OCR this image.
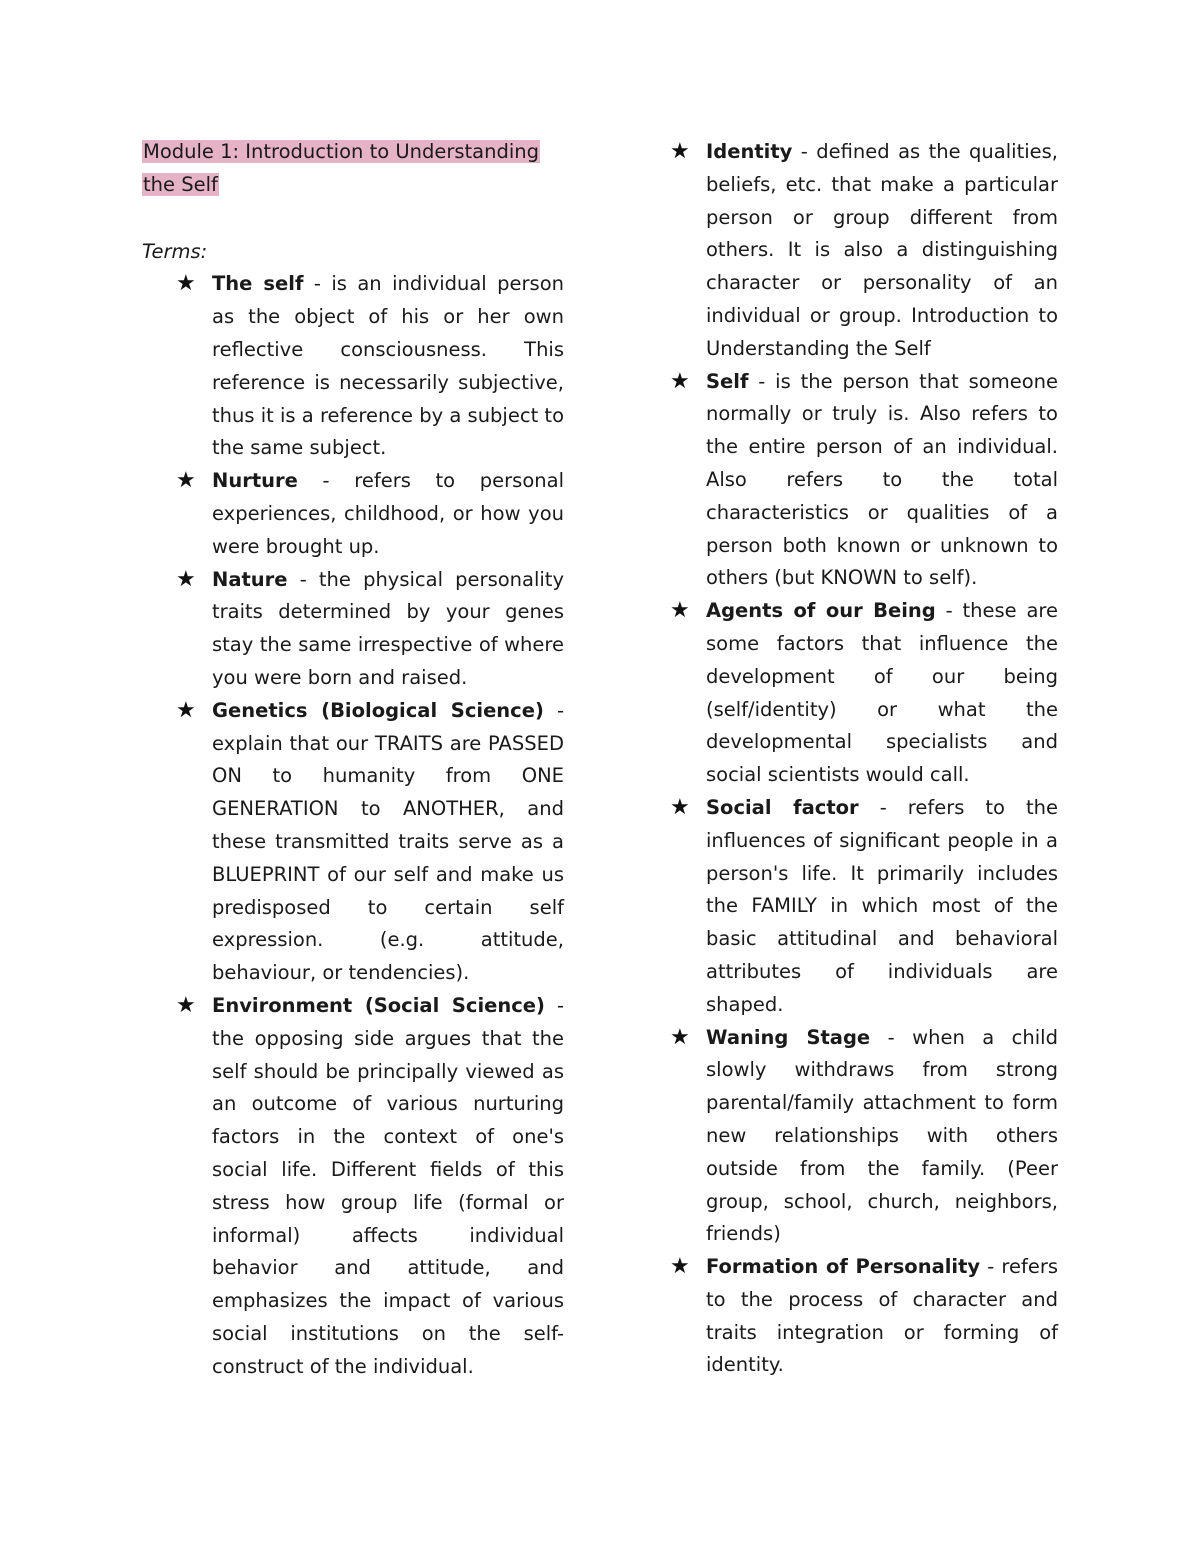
Module 1: Introduction to Understanding the Self

Terms:

★ The self - is an individual person as the object of his or her own reflective consciousness. This reference is necessarily subjective, thus it is a reference by a subject to the same subject.
★ Nurture - refers to personal experiences, childhood, or how you were brought up.
★ Nature - the physical personality traits determined by your genes stay the same irrespective of where you were born and raised.
★ Genetics (Biological Science) - explain that our TRAITS are PASSED ON to humanity from ONE GENERATION to ANOTHER, and these transmitted traits serve as a BLUEPRINT of our self and make us predisposed to certain self expression. (e.g. attitude, behaviour, or tendencies).
★ Environment (Social Science) - the opposing side argues that the self should be principally viewed as an outcome of various nurturing factors in the context of one's social life. Different fields of this stress how group life (formal or informal) affects individual behavior and attitude, and emphasizes the impact of various social institutions on the self-construct of the individual.
★ Identity - defined as the qualities, beliefs, etc. that make a particular person or group different from others. It is also a distinguishing character or personality of an individual or group. Introduction to Understanding the Self
★ Self - is the person that someone normally or truly is. Also refers to the entire person of an individual. Also refers to the total characteristics or qualities of a person both known or unknown to others (but KNOWN to self).
★ Agents of our Being - these are some factors that influence the development of our being (self/identity) or what the developmental specialists and social scientists would call.
★ Social factor - refers to the influences of significant people in a person's life. It primarily includes the FAMILY in which most of the basic attitudinal and behavioral attributes of individuals are shaped.
★ Waning Stage - when a child slowly withdraws from strong parental/family attachment to form new relationships with others outside from the family. (Peer group, school, church, neighbors, friends)
★ Formation of Personality - refers to the process of character and traits integration or forming of identity.
